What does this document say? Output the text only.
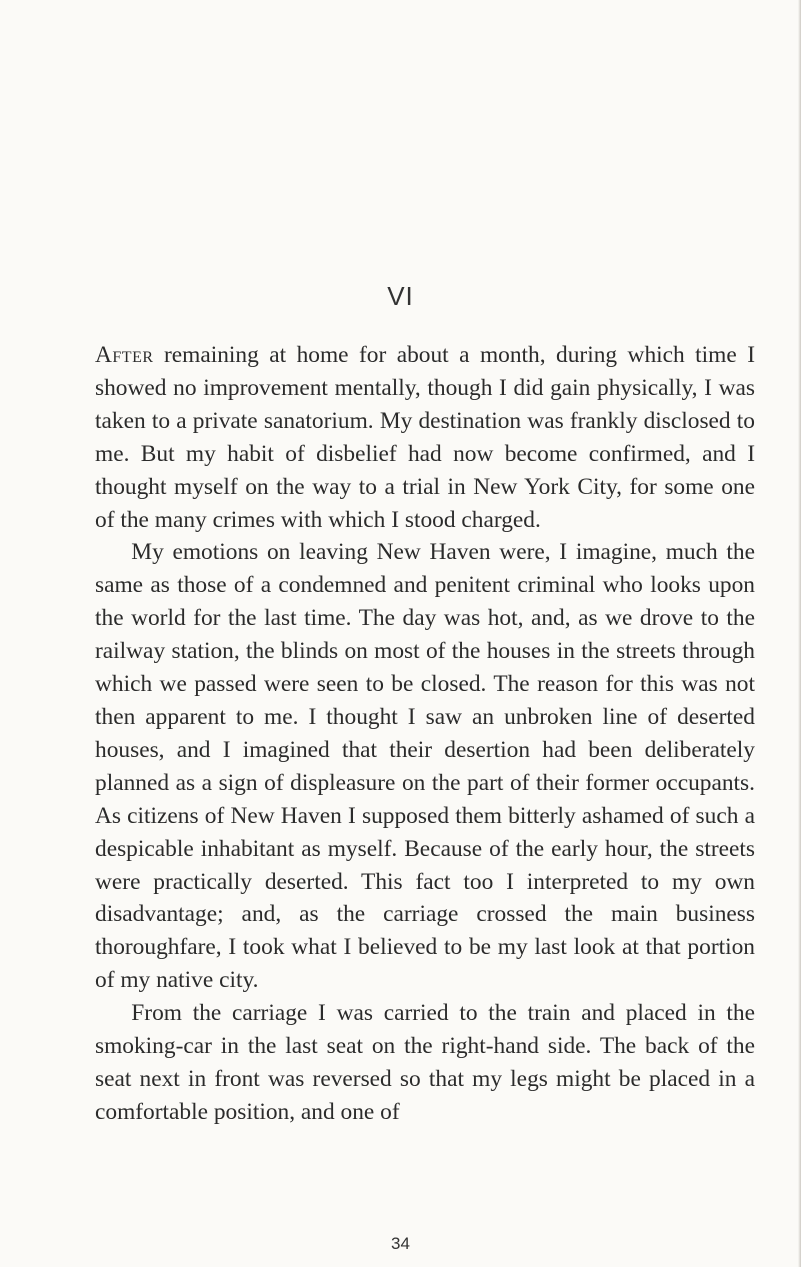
VI

After remaining at home for about a month, during which time I showed no improvement mentally, though I did gain physically, I was taken to a private sanatorium. My destination was frankly disclosed to me. But my habit of disbelief had now become confirmed, and I thought myself on the way to a trial in New York City, for some one of the many crimes with which I stood charged.

My emotions on leaving New Haven were, I imagine, much the same as those of a condemned and penitent criminal who looks upon the world for the last time. The day was hot, and, as we drove to the railway station, the blinds on most of the houses in the streets through which we passed were seen to be closed. The reason for this was not then apparent to me. I thought I saw an unbroken line of deserted houses, and I imagined that their desertion had been deliberately planned as a sign of displeasure on the part of their former occupants. As citizens of New Haven I supposed them bitterly ashamed of such a despicable inhabitant as myself. Because of the early hour, the streets were practically deserted. This fact too I interpreted to my own disadvantage; and, as the carriage crossed the main business thoroughfare, I took what I believed to be my last look at that portion of my native city.

From the carriage I was carried to the train and placed in the smoking-car in the last seat on the right-hand side. The back of the seat next in front was reversed so that my legs might be placed in a comfortable position, and one of

34
